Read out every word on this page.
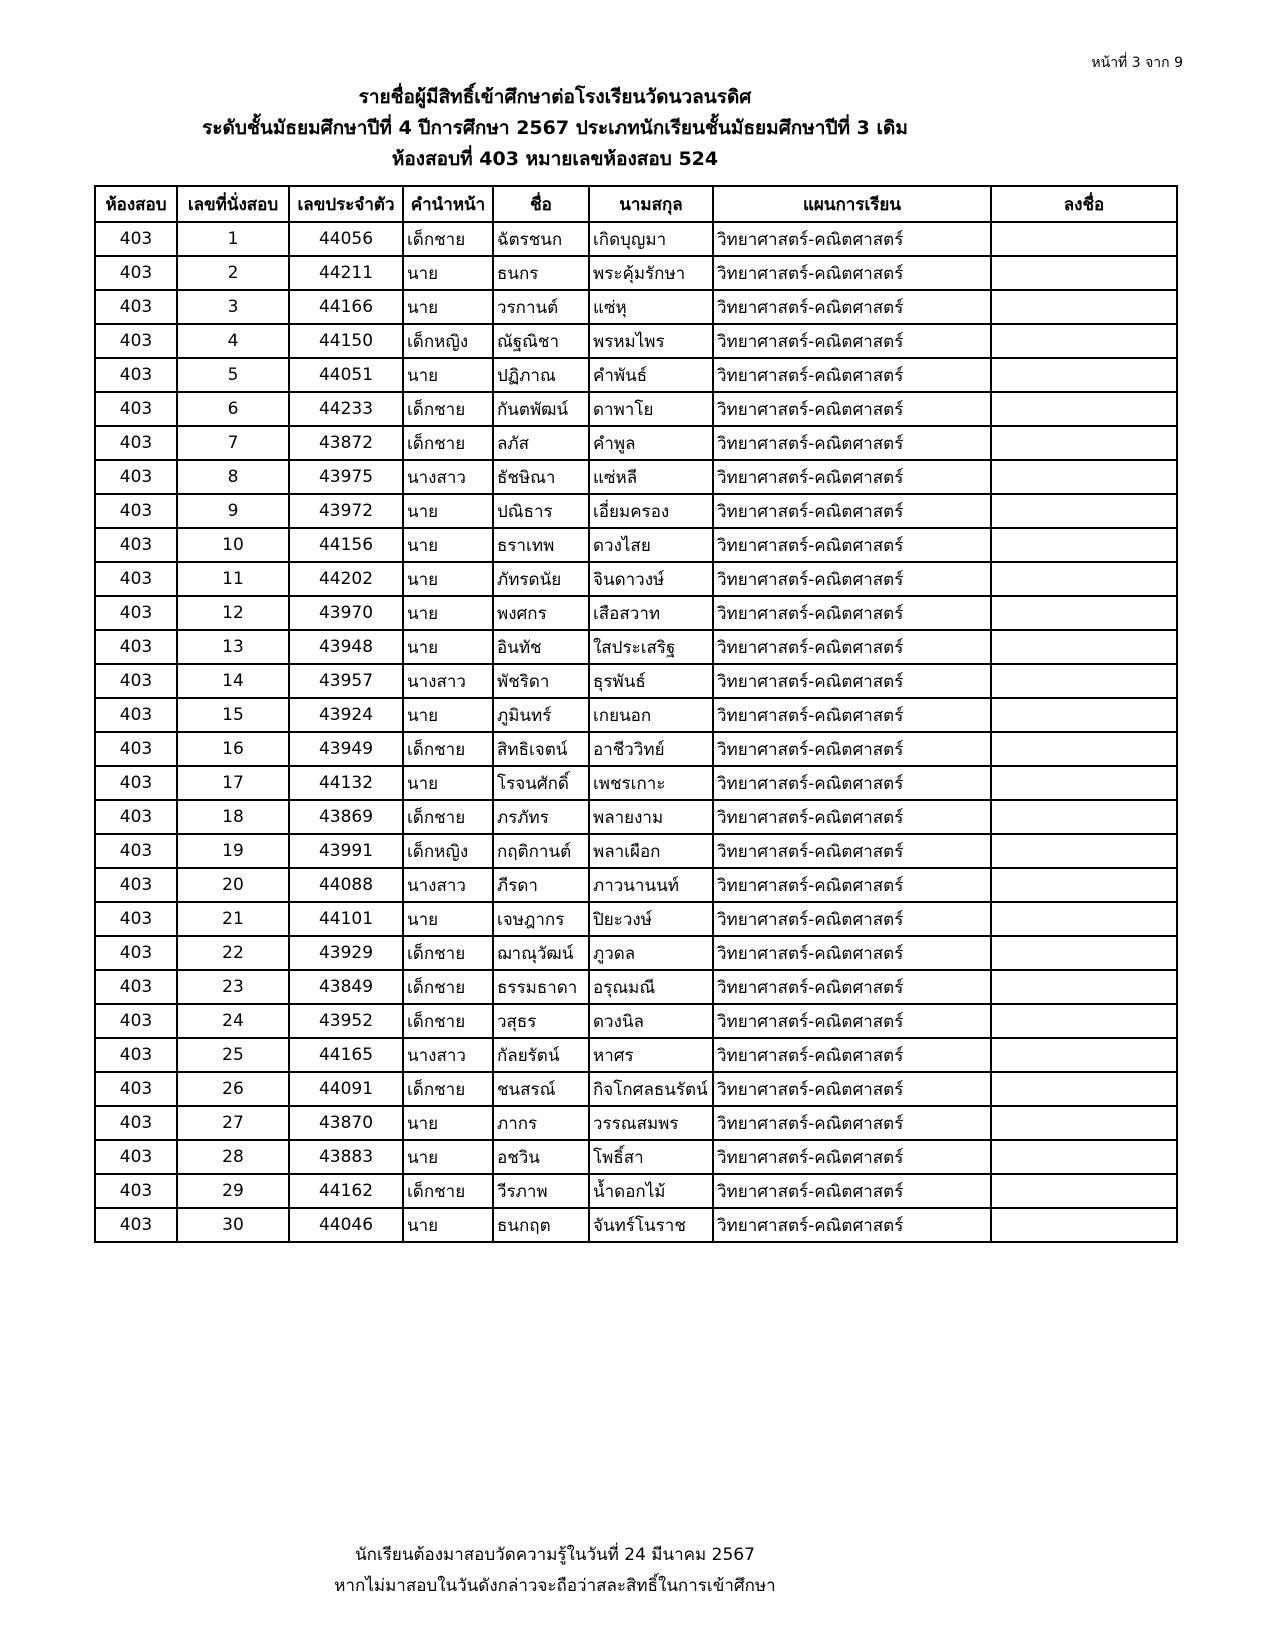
หน้าที่ 3 จาก 9
รายชื่อผู้มีสิทธิ์เข้าศึกษาต่อโรงเรียนวัดนวลนรดิศ
ระดับชั้นมัธยมศึกษาปีที่ 4 ปีการศึกษา 2567 ประเภทนักเรียนชั้นมัธยมศึกษาปีที่ 3 เดิม
ห้องสอบที่ 403 หมายเลขห้องสอบ 524
ห้องสอบ	เลขที่นั่งสอบ	เลขประจำตัว	คำนำหน้า	ชื่อ	นามสกุล	แผนการเรียน	ลงชื่อ
403	1	44056	เด็กชาย	ฉัตรชนก	เกิดบุญมา	วิทยาศาสตร์-คณิตศาสตร์	
403	2	44211	นาย	ธนกร	พระคุ้มรักษา	วิทยาศาสตร์-คณิตศาสตร์	
403	3	44166	นาย	วรกานต์	แซ่หุ	วิทยาศาสตร์-คณิตศาสตร์	
403	4	44150	เด็กหญิง	ณัฐณิชา	พรหมไพร	วิทยาศาสตร์-คณิตศาสตร์	
403	5	44051	นาย	ปฏิภาณ	คำพันธ์	วิทยาศาสตร์-คณิตศาสตร์	
403	6	44233	เด็กชาย	กันตพัฒน์	ดาพาโย	วิทยาศาสตร์-คณิตศาสตร์	
403	7	43872	เด็กชาย	ลภัส	คำพูล	วิทยาศาสตร์-คณิตศาสตร์	
403	8	43975	นางสาว	ธัชษิณา	แซ่หลี	วิทยาศาสตร์-คณิตศาสตร์	
403	9	43972	นาย	ปณิธาร	เอี่ยมครอง	วิทยาศาสตร์-คณิตศาสตร์	
403	10	44156	นาย	ธราเทพ	ดวงไสย	วิทยาศาสตร์-คณิตศาสตร์	
403	11	44202	นาย	ภัทรดนัย	จินดาวงษ์	วิทยาศาสตร์-คณิตศาสตร์	
403	12	43970	นาย	พงศกร	เสือสวาท	วิทยาศาสตร์-คณิตศาสตร์	
403	13	43948	นาย	อินทัช	ใสประเสริฐ	วิทยาศาสตร์-คณิตศาสตร์	
403	14	43957	นางสาว	พัชริดา	ธุรพันธ์	วิทยาศาสตร์-คณิตศาสตร์	
403	15	43924	นาย	ภูมินทร์	เกยนอก	วิทยาศาสตร์-คณิตศาสตร์	
403	16	43949	เด็กชาย	สิทธิเจตน์	อาชีววิทย์	วิทยาศาสตร์-คณิตศาสตร์	
403	17	44132	นาย	โรจนศักดิ์	เพชรเกาะ	วิทยาศาสตร์-คณิตศาสตร์	
403	18	43869	เด็กชาย	ภรภัทร	พลายงาม	วิทยาศาสตร์-คณิตศาสตร์	
403	19	43991	เด็กหญิง	กฤติกานต์	พลาเผือก	วิทยาศาสตร์-คณิตศาสตร์	
403	20	44088	นางสาว	ภีรดา	ภาวนานนท์	วิทยาศาสตร์-คณิตศาสตร์	
403	21	44101	นาย	เจษฎากร	ปิยะวงษ์	วิทยาศาสตร์-คณิตศาสตร์	
403	22	43929	เด็กชาย	ฌาณุวัฒน์	ภูวดล	วิทยาศาสตร์-คณิตศาสตร์	
403	23	43849	เด็กชาย	ธรรมธาดา	อรุณมณี	วิทยาศาสตร์-คณิตศาสตร์	
403	24	43952	เด็กชาย	วสุธร	ดวงนิล	วิทยาศาสตร์-คณิตศาสตร์	
403	25	44165	นางสาว	กัลยรัตน์	หาศร	วิทยาศาสตร์-คณิตศาสตร์	
403	26	44091	เด็กชาย	ชนสรณ์	กิจโกศลธนรัตน์	วิทยาศาสตร์-คณิตศาสตร์	
403	27	43870	นาย	ภากร	วรรณสมพร	วิทยาศาสตร์-คณิตศาสตร์	
403	28	43883	นาย	อชวิน	โพธิ์สา	วิทยาศาสตร์-คณิตศาสตร์	
403	29	44162	เด็กชาย	วีรภาพ	น้ำดอกไม้	วิทยาศาสตร์-คณิตศาสตร์	
403	30	44046	นาย	ธนกฤต	จันทร์โนราช	วิทยาศาสตร์-คณิตศาสตร์	
นักเรียนต้องมาสอบวัดความรู้ในวันที่ 24 มีนาคม 2567
หากไม่มาสอบในวันดังกล่าวจะถือว่าสละสิทธิ์ในการเข้าศึกษา
